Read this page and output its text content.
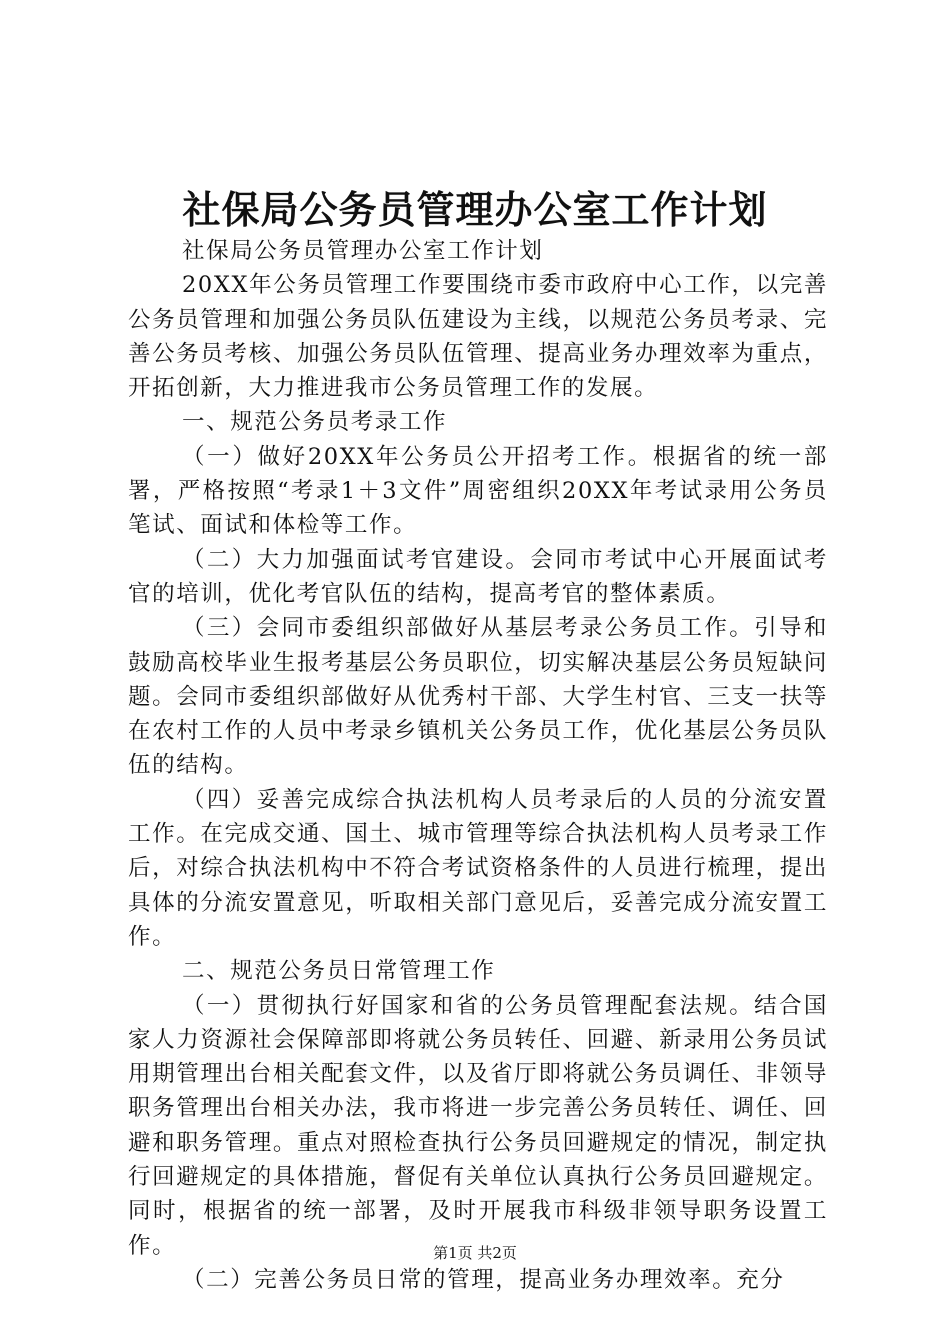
社保局公务员管理办公室工作计划

社保局公务员管理办公室工作计划

20XX年公务员管理工作要围绕市委市政府中心工作，以完善公务员管理和加强公务员队伍建设为主线，以规范公务员考录、完善公务员考核、加强公务员队伍管理、提高业务办理效率为重点，开拓创新，大力推进我市公务员管理工作的发展。

一、规范公务员考录工作

（一）做好20XX年公务员公开招考工作。根据省的统一部署，严格按照“考录1＋3文件”周密组织20XX年考试录用公务员笔试、面试和体检等工作。

（二）大力加强面试考官建设。会同市考试中心开展面试考官的培训，优化考官队伍的结构，提高考官的整体素质。

（三）会同市委组织部做好从基层考录公务员工作。引导和鼓励高校毕业生报考基层公务员职位，切实解决基层公务员短缺问题。会同市委组织部做好从优秀村干部、大学生村官、三支一扶等在农村工作的人员中考录乡镇机关公务员工作，优化基层公务员队伍的结构。

（四）妥善完成综合执法机构人员考录后的人员的分流安置工作。在完成交通、国土、城市管理等综合执法机构人员考录工作后，对综合执法机构中不符合考试资格条件的人员进行梳理，提出具体的分流安置意见，听取相关部门意见后，妥善完成分流安置工作。

二、规范公务员日常管理工作

（一）贯彻执行好国家和省的公务员管理配套法规。结合国家人力资源社会保障部即将就公务员转任、回避、新录用公务员试用期管理出台相关配套文件，以及省厅即将就公务员调任、非领导职务管理出台相关办法，我市将进一步完善公务员转任、调任、回避和职务管理。重点对照检查执行公务员回避规定的情况，制定执行回避规定的具体措施，督促有关单位认真执行公务员回避规定。同时，根据省的统一部署，及时开展我市科级非领导职务设置工作。

（二）完善公务员日常的管理，提高业务办理效率。充分

第1页 共2页
